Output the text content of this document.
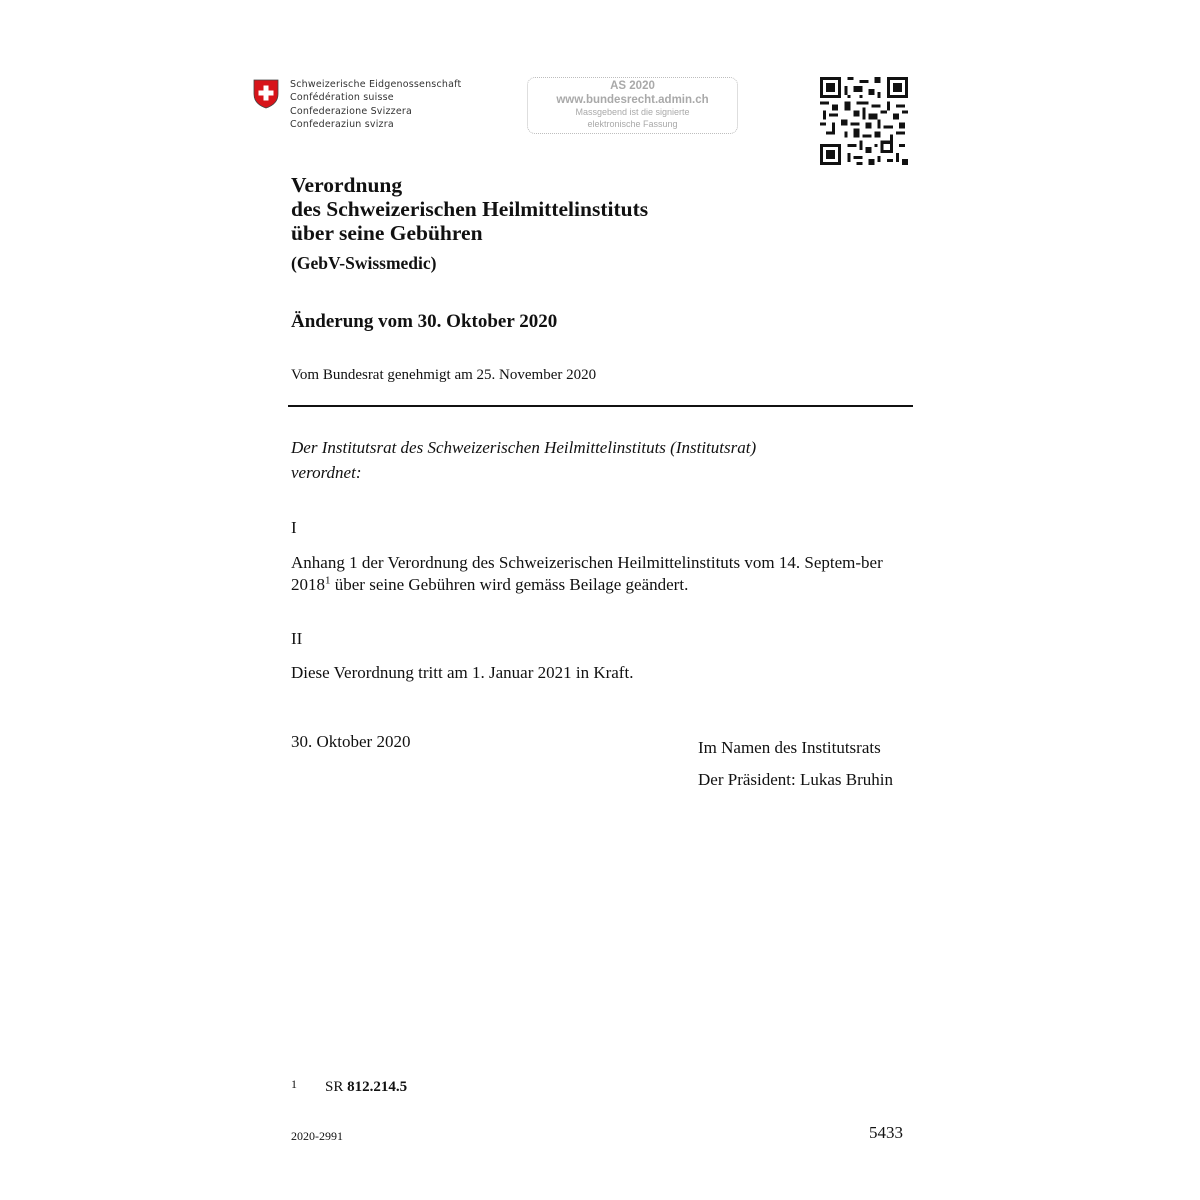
Schweizerische Eidgenossenschaft
Confédération suisse
Confederazione Svizzera
Confederaziun svizra
AS 2020
www.bundesrecht.admin.ch
Massgebend ist die signierte
elektronische Fassung
Verordnung
des Schweizerischen Heilmittelinstituts
über seine Gebühren
(GebV-Swissmedic)
Änderung vom 30. Oktober 2020
Vom Bundesrat genehmigt am 25. November 2020
Der Institutsrat des Schweizerischen Heilmittelinstituts (Institutsrat)
verordnet:
I
Anhang 1 der Verordnung des Schweizerischen Heilmittelinstituts vom 14. Septem-ber 2018$^1$ über seine Gebühren wird gemäss Beilage geändert.
II
Diese Verordnung tritt am 1. Januar 2021 in Kraft.
30. Oktober 2020	Im Namen des Institutsrats
Der Präsident: Lukas Bruhin
1 SR 812.214.5
2020-2991	5433
